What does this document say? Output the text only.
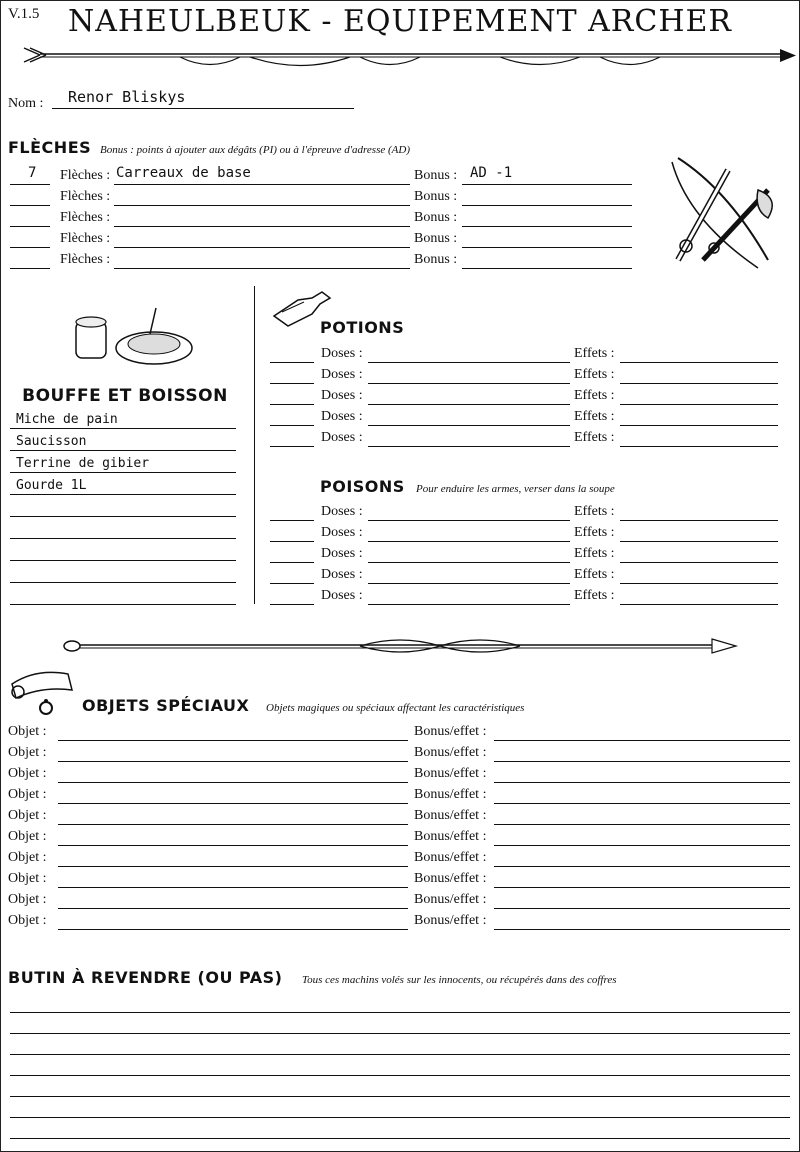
V.1.5 NAHEULBEUK - EQUIPEMENT ARCHER
Nom : Renor Bliskys
FLÈCHES Bonus : points à ajouter aux dégâts (PI) ou à l'épreuve d'adresse (AD)
7 Flèches : Carreaux de base	Bonus : AD -1
Flèches :	Bonus :
Flèches :	Bonus :
Flèches :	Bonus :
Flèches :	Bonus :
BOUFFE ET BOISSON
Miche de pain
Saucisson
Terrine de gibier
Gourde 1L
POTIONS
Doses :	Effets :
Doses :	Effets :
Doses :	Effets :
Doses :	Effets :
Doses :	Effets :
POISONS Pour enduire les armes, verser dans la soupe
Doses :	Effets :
Doses :	Effets :
Doses :	Effets :
Doses :	Effets :
Doses :	Effets :
OBJETS SPÉCIAUX Objets magiques ou spéciaux affectant les caractéristiques
Objet :	Bonus/effet :
Objet :	Bonus/effet :
Objet :	Bonus/effet :
Objet :	Bonus/effet :
Objet :	Bonus/effet :
Objet :	Bonus/effet :
Objet :	Bonus/effet :
Objet :	Bonus/effet :
Objet :	Bonus/effet :
Objet :	Bonus/effet :
BUTIN À REVENDRE (OU PAS) Tous ces machins volés sur les innocents, ou récupérés dans des coffres
